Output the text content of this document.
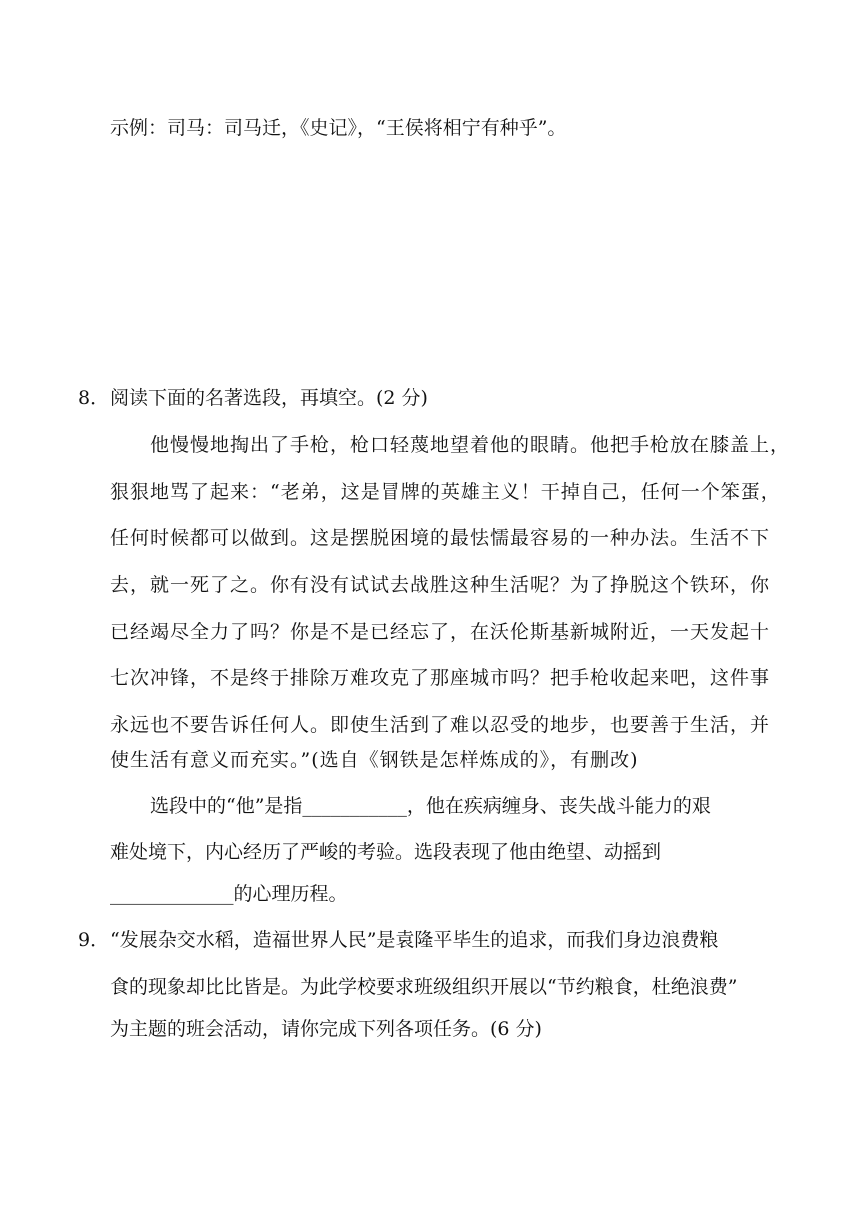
示例：司马：司马迁，《史记》，“王侯将相宁有种乎”。
8． 阅读下面的名著选段，再填空。(2 分)
他慢慢地掏出了手枪，枪口轻蔑地望着他的眼睛。他把手枪放在膝盖上，
狠狠地骂了起来：“老弟，这是冒牌的英雄主义！干掉自己，任何一个笨蛋，
任何时候都可以做到。这是摆脱困境的最怯懦最容易的一种办法。生活不下
去，就一死了之。你有没有试试去战胜这种生活呢？为了挣脱这个铁环，你
已经竭尽全力了吗？你是不是已经忘了，在沃伦斯基新城附近，一天发起十
七次冲锋，不是终于排除万难攻克了那座城市吗？把手枪收起来吧，这件事
永远也不要告诉任何人。即使生活到了难以忍受的地步，也要善于生活，并
使生活有意义而充实。”(选自《钢铁是怎样炼成的》，有删改)
选段中的“他”是指___________，他在疾病缠身、丧失战斗能力的艰
难处境下，内心经历了严峻的考验。选段表现了他由绝望、动摇到
_____________的心理历程。
9． “发展杂交水稻，造福世界人民”是袁隆平毕生的追求，而我们身边浪费粮
食的现象却比比皆是。为此学校要求班级组织开展以“节约粮食，杜绝浪费”
为主题的班会活动，请你完成下列各项任务。(6 分)
